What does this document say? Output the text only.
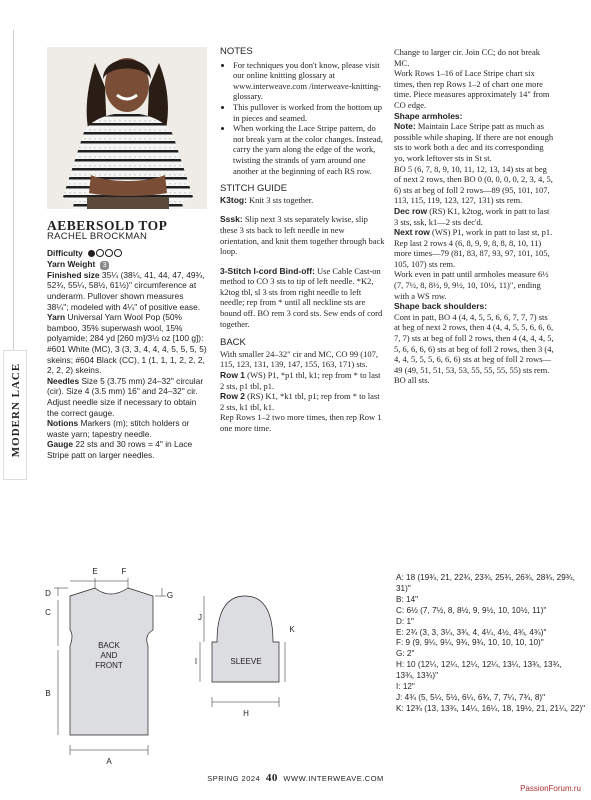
MODERN LACE
AEBERSOLD TOP
RACHEL BROCKMAN

Difficulty

Yarn Weight 3

Finished size 35¼ (38¼, 41, 44, 47, 49¾, 52¾, 55¼, 58½, 61½)" circumference at underarm. Pullover shown measures 38¼"; modeled with 4¼" of positive ease.

Yarn Universal Yarn Wool Pop (50% bamboo, 35% superwash wool, 15% polyamide; 284 yd [260 m]/3½ oz [100 g]): #601 White (MC), 3 (3, 3, 4, 4, 4, 5, 5, 5, 5) skeins; #604 Black (CC), 1 (1, 1, 1, 2, 2, 2, 2, 2, 2) skeins.

Needles Size 5 (3.75 mm) 24–32" circular (cir). Size 4 (3.5 mm) 16" and 24–32" cir. Adjust needle size if necessary to obtain the correct gauge.

Notions Markers (m); stitch holders or waste yarn; tapestry needle.

Gauge 22 sts and 30 rows = 4" in Lace Stripe patt on larger needles.

NOTES
• For techniques you don't know, please visit our online knitting glossary at www.interweave.com /interweave-knitting-glossary.
• This pullover is worked from the bottom up in pieces and seamed.
• When working the Lace Stripe pattern, do not break yarn at the color changes. Instead, carry the yarn along the edge of the work, twisting the strands of yarn around one another at the beginning of each RS row.
STITCH GUIDE

K3tog: Knit 3 sts together.

Sssk: Slip next 3 sts separately kwise, slip these 3 sts back to left needle in new orientation, and knit them together through back loop.

3-Stitch I-cord Bind-off: Use Cable Cast-on method to CO 3 sts to tip of left needle. *K2, k2tog tbl, sl 3 sts from right needle to left needle; rep from * until all neckline sts are bound off. BO rem 3 cord sts. Sew ends of cord together.

BACK

With smaller 24–32" cir and MC, CO 99 (107, 115, 123, 131, 139, 147, 155, 163, 171) sts.

Row 1 (WS) P1, *p1 tbl, k1; rep from * to last 2 sts, p1 tbl, p1.

Row 2 (RS) K1, *k1 tbl, p1; rep from * to last 2 sts, k1 tbl, k1.

Rep Rows 1–2 two more times, then rep Row 1 one more time.

Change to larger cir. Join CC; do not break MC.

Work Rows 1–16 of Lace Stripe chart six times, then rep Rows 1–2 of chart one more time. Piece measures approximately 14" from CO edge.

Shape armholes:

Note: Maintain Lace Stripe patt as much as possible while shaping. If there are not enough sts to work both a dec and its corresponding yo, work leftover sts in St st.

BO 5 (6, 7, 8, 9, 10, 11, 12, 13, 14) sts at beg of next 2 rows, then BO 0 (0, 0, 0, 0, 2, 3, 4, 5, 6) sts at beg of foll 2 rows—89 (95, 101, 107, 113, 115, 119, 123, 127, 131) sts rem.

Dec row (RS) K1, k2tog, work in patt to last 3 sts, ssk, k1—2 sts dec'd.

Next row (WS) P1, work in patt to last st, p1.

Rep last 2 rows 4 (6, 8, 9, 9, 8, 8, 8, 10, 11) more times—79 (81, 83, 87, 93, 97, 101, 105, 105, 107) sts rem.

Work even in patt until armholes measure 6½ (7, 7½, 8, 8½, 9, 9½, 10, 10½, 11)", ending with a WS row.

Shape back shoulders:

Cont in patt, BO 4 (4, 4, 5, 5, 6, 6, 7, 7, 7) sts at beg of next 2 rows, then 4 (4, 4, 5, 5, 6, 6, 6, 7, 7) sts at beg of foll 2 rows, then 4 (4, 4, 4, 5, 5, 6, 6, 6, 6) sts at beg of foll 2 rows, then 3 (4, 4, 4, 5, 5, 5, 6, 6, 6) sts at beg of foll 2 rows—49 (49, 51, 51, 53, 53, 55, 55, 55, 55) sts rem.

BO all sts.

BACK
AND
FRONT	SLEEVE
E	F
D
C
B
G
A
J
I
K
H
A: 18 (19¾, 21, 22¾, 23¾, 25¾, 26¾, 28¾, 29¾, 31)"
B: 14"
C: 6½ (7, 7½, 8, 8½, 9, 9½, 10, 10½, 11)"
D: 1"
E: 2¾ (3, 3, 3¼, 3¾, 4, 4¼, 4½, 4¾, 4¾)"
F: 9 (9, 9¼, 9¼, 9¾, 9¾, 10, 10, 10, 10)"
G: 2"
H: 10 (12¼, 12¼, 12¼, 12¼, 13¼, 13¾, 13¾, 13¾, 13¾)"
I: 12"
J: 4¾ (5, 5¼, 5½, 6¼, 6¾, 7, 7¼, 7¾, 8)"
K: 12¾ (13, 13¾, 14¼, 16¼, 18, 19½, 21, 21¼, 22)"
SPRING 2024 40 WWW.INTERWEAVE.COM
PassionForum.ru
